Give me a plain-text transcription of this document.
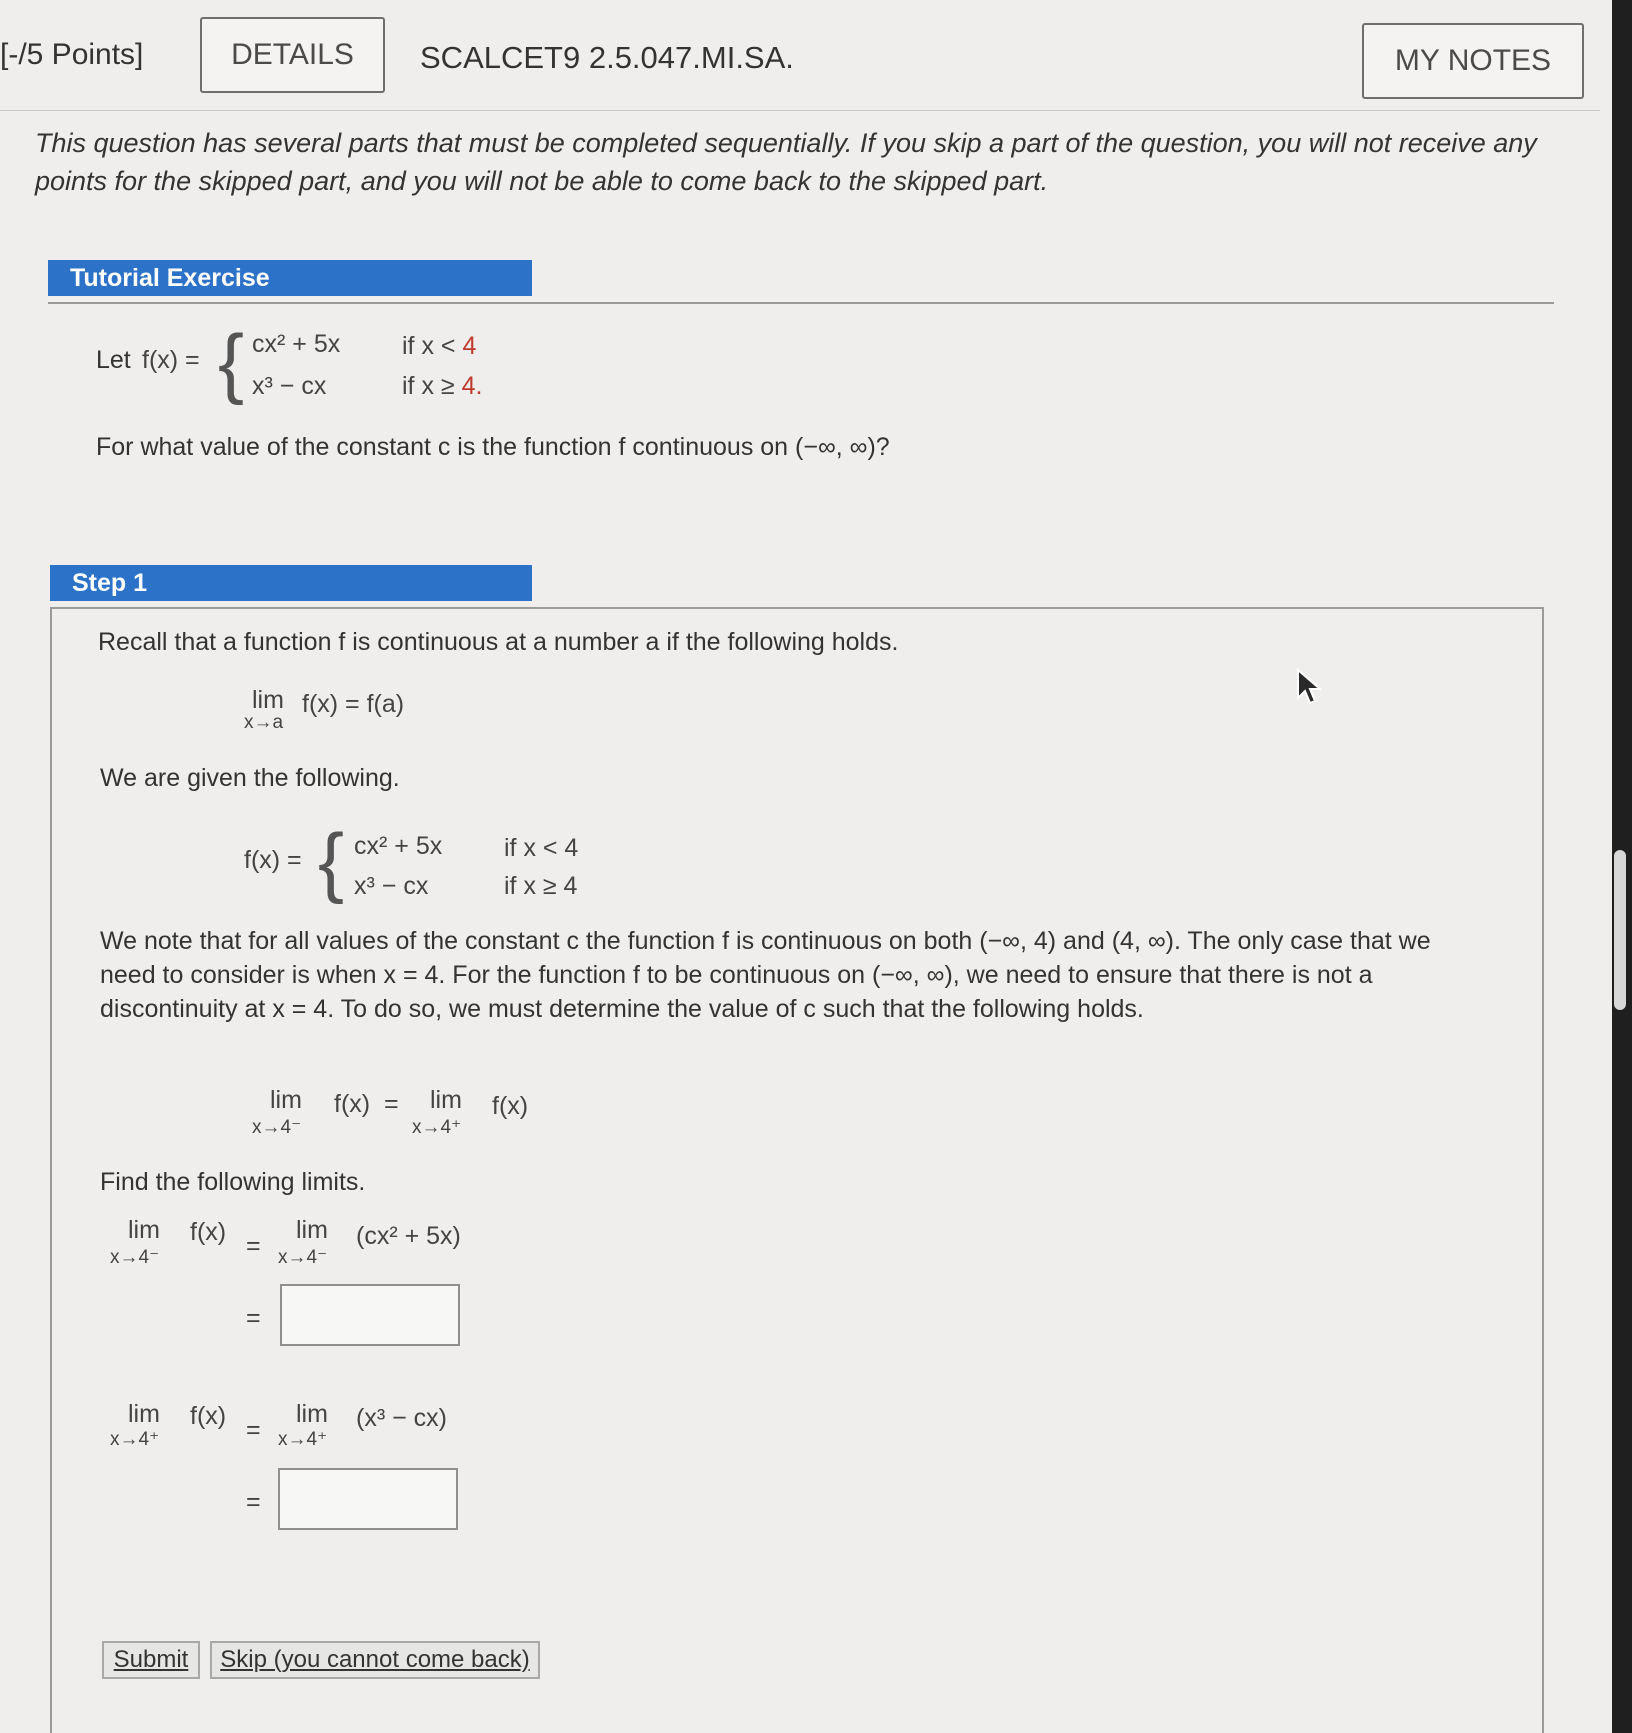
[-/5 Points]	DETAILS	SCALCET9 2.5.047.MI.SA.	MY NOTES
This question has several parts that must be completed sequentially. If you skip a part of the question, you will not receive any points for the skipped part, and you will not be able to come back to the skipped part.
Tutorial Exercise
Let f(x) = { cx² + 5x if x < 4
x³ − cx	if x ≥ 4.
For what value of the constant c is the function f continuous on (−∞, ∞)?
Step 1
Recall that a function f is continuous at a number a if the following holds.
lim
x→a
f(x) = f(a)
We are given the following.
f(x) = { cx² + 5x if x < 4
x³ − cx	if x ≥ 4
We note that for all values of the constant c the function f is continuous on both (−∞, 4) and (4, ∞). The only case that we need to consider is when x = 4. For the function f to be continuous on (−∞, ∞), we need to ensure that there is not a discontinuity at x = 4. To do so, we must determine the value of c such that the following holds.
lim
x→4⁻
f(x) = lim
x→4⁺
f(x)
Find the following limits.
lim
x→4⁻
f(x) =
lim
x→4⁻
(cx² + 5x)
=
lim
x→4⁺
f(x) =
lim
x→4⁺
(x³ − cx)
=
Submit	Skip (you cannot come back)
